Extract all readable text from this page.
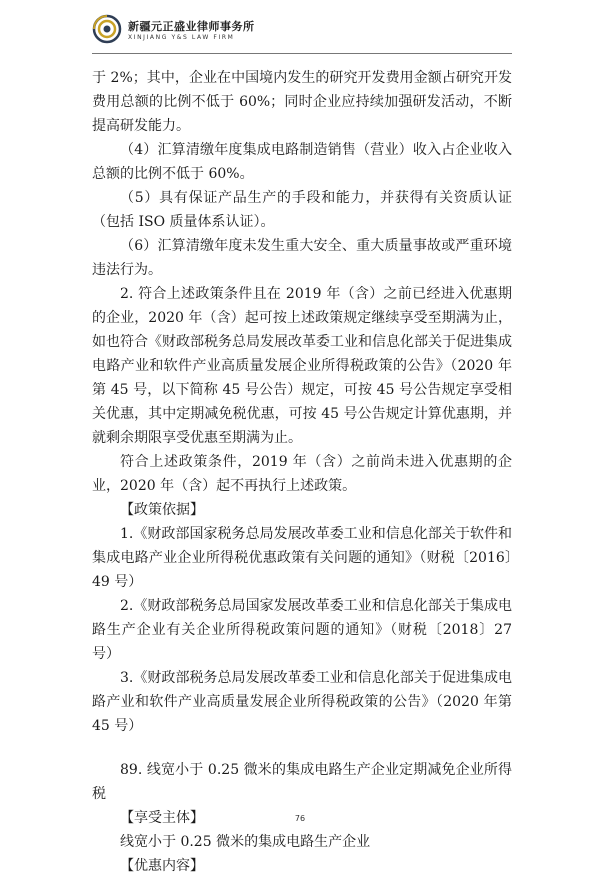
新疆元正盛业律师事务所
XINJIANG Y&S LAW FIRM

于 2%；其中，企业在中国境内发生的研究开发费用金额占研究开发费用总额的比例不低于 60%；同时企业应持续加强研发活动，不断提高研发能力。

（4）汇算清缴年度集成电路制造销售（营业）收入占企业收入总额的比例不低于 60%。

（5）具有保证产品生产的手段和能力，并获得有关资质认证（包括 ISO 质量体系认证）。

（6）汇算清缴年度未发生重大安全、重大质量事故或严重环境违法行为。

2. 符合上述政策条件且在 2019 年（含）之前已经进入优惠期的企业，2020 年（含）起可按上述政策规定继续享受至期满为止，如也符合《财政部税务总局发展改革委工业和信息化部关于促进集成电路产业和软件产业高质量发展企业所得税政策的公告》（2020 年第 45 号，以下简称 45 号公告）规定，可按 45 号公告规定享受相关优惠，其中定期减免税优惠，可按 45 号公告规定计算优惠期，并就剩余期限享受优惠至期满为止。

符合上述政策条件，2019 年（含）之前尚未进入优惠期的企业，2020 年（含）起不再执行上述政策。

【政策依据】

1.《财政部国家税务总局发展改革委工业和信息化部关于软件和集成电路产业企业所得税优惠政策有关问题的通知》（财税〔2016〕49 号）

2.《财政部税务总局国家发展改革委工业和信息化部关于集成电路生产企业有关企业所得税政策问题的通知》（财税〔2018〕27 号）

3.《财政部税务总局发展改革委工业和信息化部关于促进集成电路产业和软件产业高质量发展企业所得税政策的公告》（2020 年第 45 号）

89. 线宽小于 0.25 微米的集成电路生产企业定期减免企业所得税

【享受主体】

线宽小于 0.25 微米的集成电路生产企业

【优惠内容】

76
